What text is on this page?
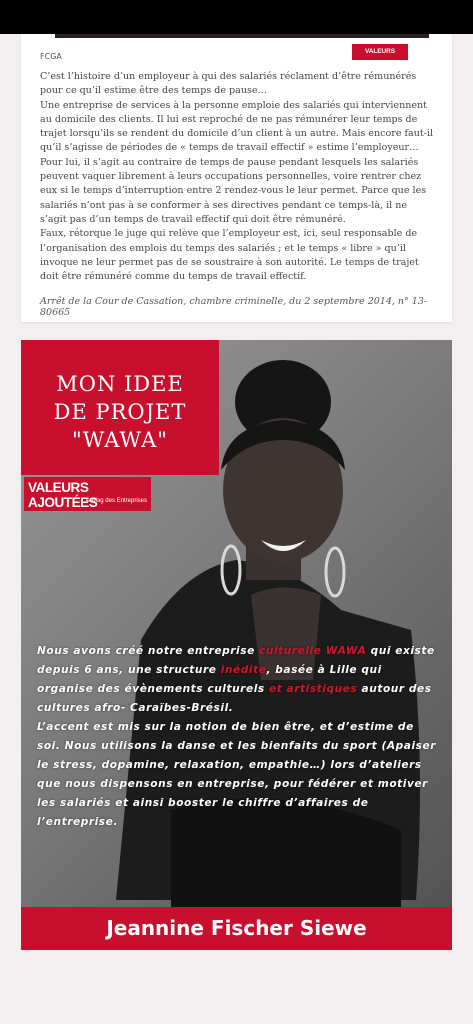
FCGA
VALEURS AJOUTÉES

C’est l’histoire d’un employeur à qui des salariés réclament d’être rémunérés pour ce qu’il estime être des temps de pause…

Une entreprise de services à la personne emploie des salariés qui interviennent au domicile des clients. Il lui est reproché de ne pas rémunérer leur temps de trajet lorsqu’ils se rendent du domicile d’un client à un autre. Mais encore faut-il qu’il s’agisse de périodes de « temps de travail effectif » estime l’employeur…

Pour lui, il s’agit au contraire de temps de pause pendant lesquels les salariés peuvent vaquer librement à leurs occupations personnelles, voire rentrer chez eux si le temps d’interruption entre 2 rendez-vous le leur permet. Parce que les salariés n’ont pas à se conformer à ses directives pendant ce temps-là, il ne s’agit pas d’un temps de travail effectif qui doit être rémunéré.

Faux, rétorque le juge qui relève que l’employeur est, ici, seul responsable de l’organisation des emplois du temps des salariés ; et le temps « libre » qu’il invoque ne leur permet pas de se soustraire à son autorité. Le temps de trajet doit être rémunéré comme du temps de travail effectif.

Arrêt de la Cour de Cassation, chambre criminelle, du 2 septembre 2014, n° 13-80665
MON IDEE
DE PROJET
"WAWA"
VALEURS AJOUTÉES
le Mag des Entreprises

Nous avons créé notre entreprise culturelle WAWA qui existe depuis 6 ans, une structure inédite, basée à Lille qui organise des évènements culturels et artistiques autour des cultures afro- Caraïbes-Brésil.

L’accent est mis sur la notion de bien être, et d’estime de soi. Nous utilisons la danse et les bienfaits du sport (Apaiser le stress, dopamine, relaxation, empathie…) lors d’ateliers que nous dispensons en entreprise, pour fédérer et motiver les salariés et ainsi booster le chiffre d’affaires de l’entreprise.

Jeannine Fischer Siewe
